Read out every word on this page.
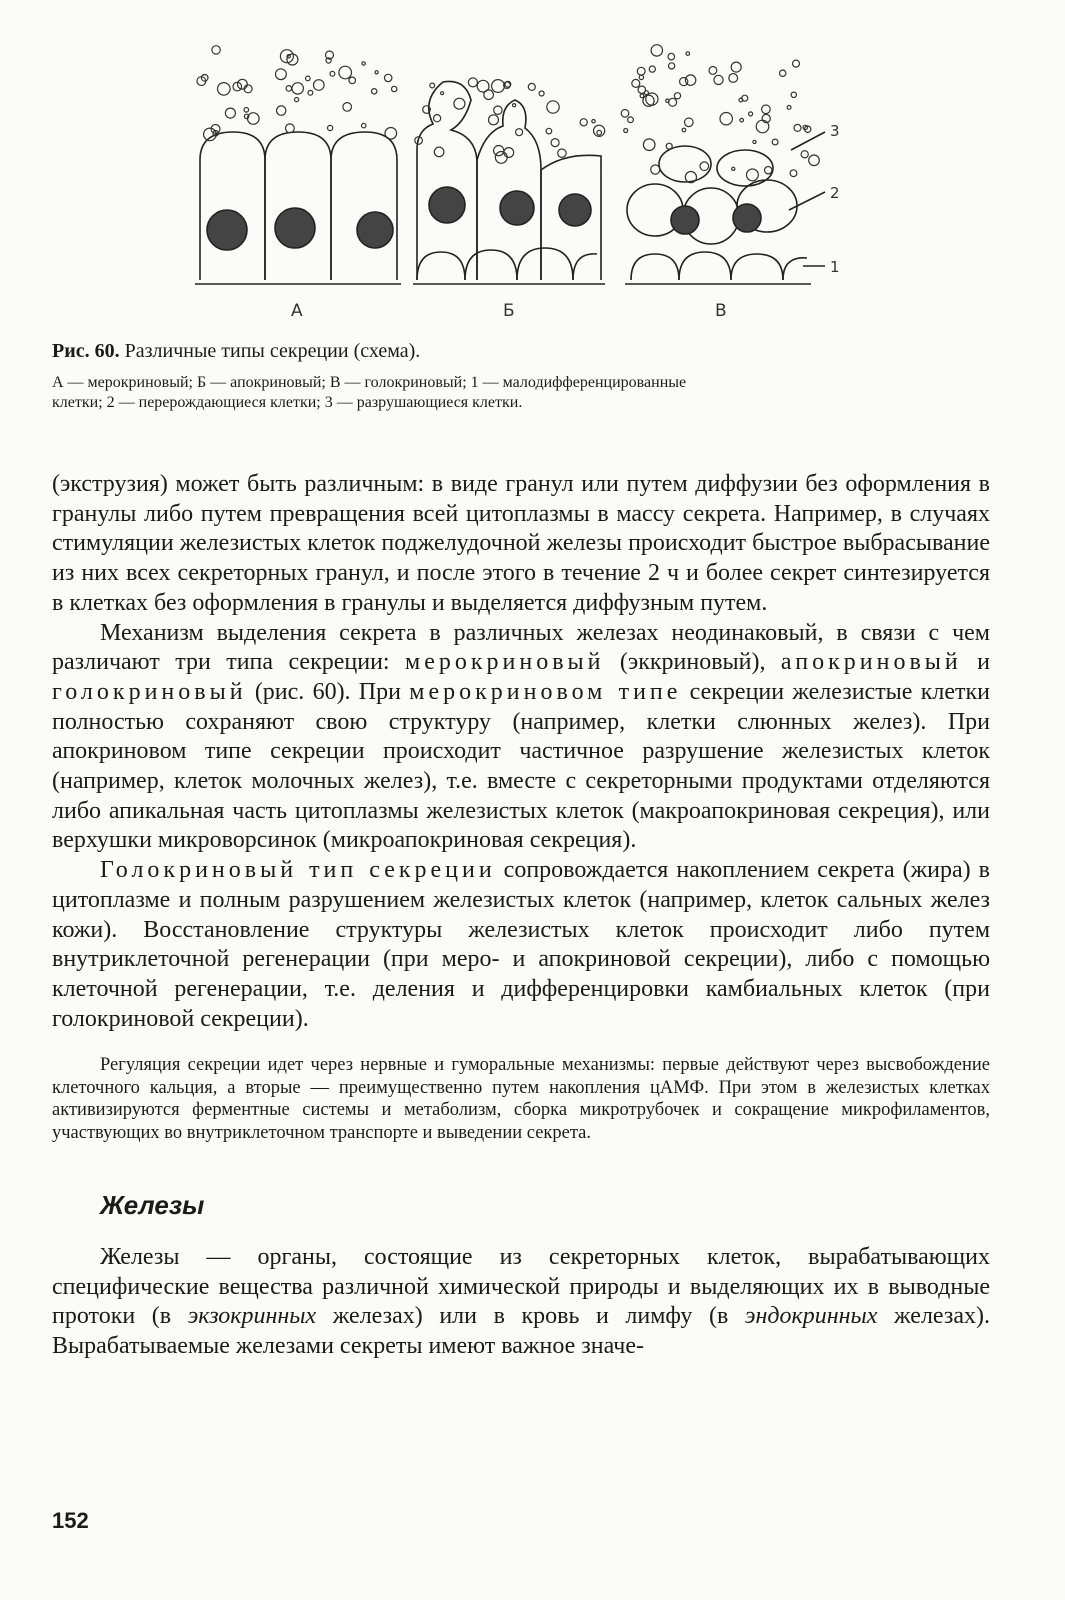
А	Б	В
1
2
3

Рис. 60. Различные типы секреции (схема).

А — мерокриновый; Б — апокриновый; В — голокриновый; 1 — малодифференцированные

клетки; 2 — перерождающиеся клетки; 3 — разрушающиеся клетки.

(экструзия) может быть различным: в виде гранул или путем диффузии без оформления в гранулы либо путем превращения всей цитоплазмы в массу секрета. Например, в случаях стимуляции железистых клеток поджелудочной железы происходит быстрое выбрасывание из них всех секреторных гранул, и после этого в течение 2 ч и более секрет синтезируется в клетках без оформления в гранулы и выделяется диффузным путем.

Механизм выделения секрета в различных железах неодинаковый, в связи с чем различают три типа секреции: мерокриновый (эккриновый), апокриновый и голокриновый (рис. 60). При мерокриновом типе секреции железистые клетки полностью сохраняют свою структуру (например, клетки слюнных желез). При апокриновом типе секреции происходит частичное разрушение железистых клеток (например, клеток молочных желез), т.е. вместе с секреторными продуктами отделяются либо апикальная часть цитоплазмы железистых клеток (макроапокриновая секреция), или верхушки микроворсинок (микроапокриновая секреция).

Голокриновый тип секреции сопровождается накоплением секрета (жира) в цитоплазме и полным разрушением железистых клеток (например, клеток сальных желез кожи). Восстановление структуры железистых клеток происходит либо путем внутриклеточной регенерации (при меро- и апокриновой секреции), либо с помощью клеточной регенерации, т.е. деления и дифференцировки камбиальных клеток (при голокриновой секреции).

Регуляция секреции идет через нервные и гуморальные механизмы: первые действуют через высвобождение клеточного кальция, а вторые — преимущественно путем накопления цАМФ. При этом в железистых клетках активизируются ферментные системы и метаболизм, сборка микротрубочек и сокращение микрофиламентов, участвующих во внутриклеточном транспорте и выведении секрета.

Железы

Железы — органы, состоящие из секреторных клеток, вырабатывающих специфические вещества различной химической природы и выделяющих их в выводные протоки (в экзокринных железах) или в кровь и лимфу (в эндокринных железах). Вырабатываемые железами секреты имеют важное значе-

152
